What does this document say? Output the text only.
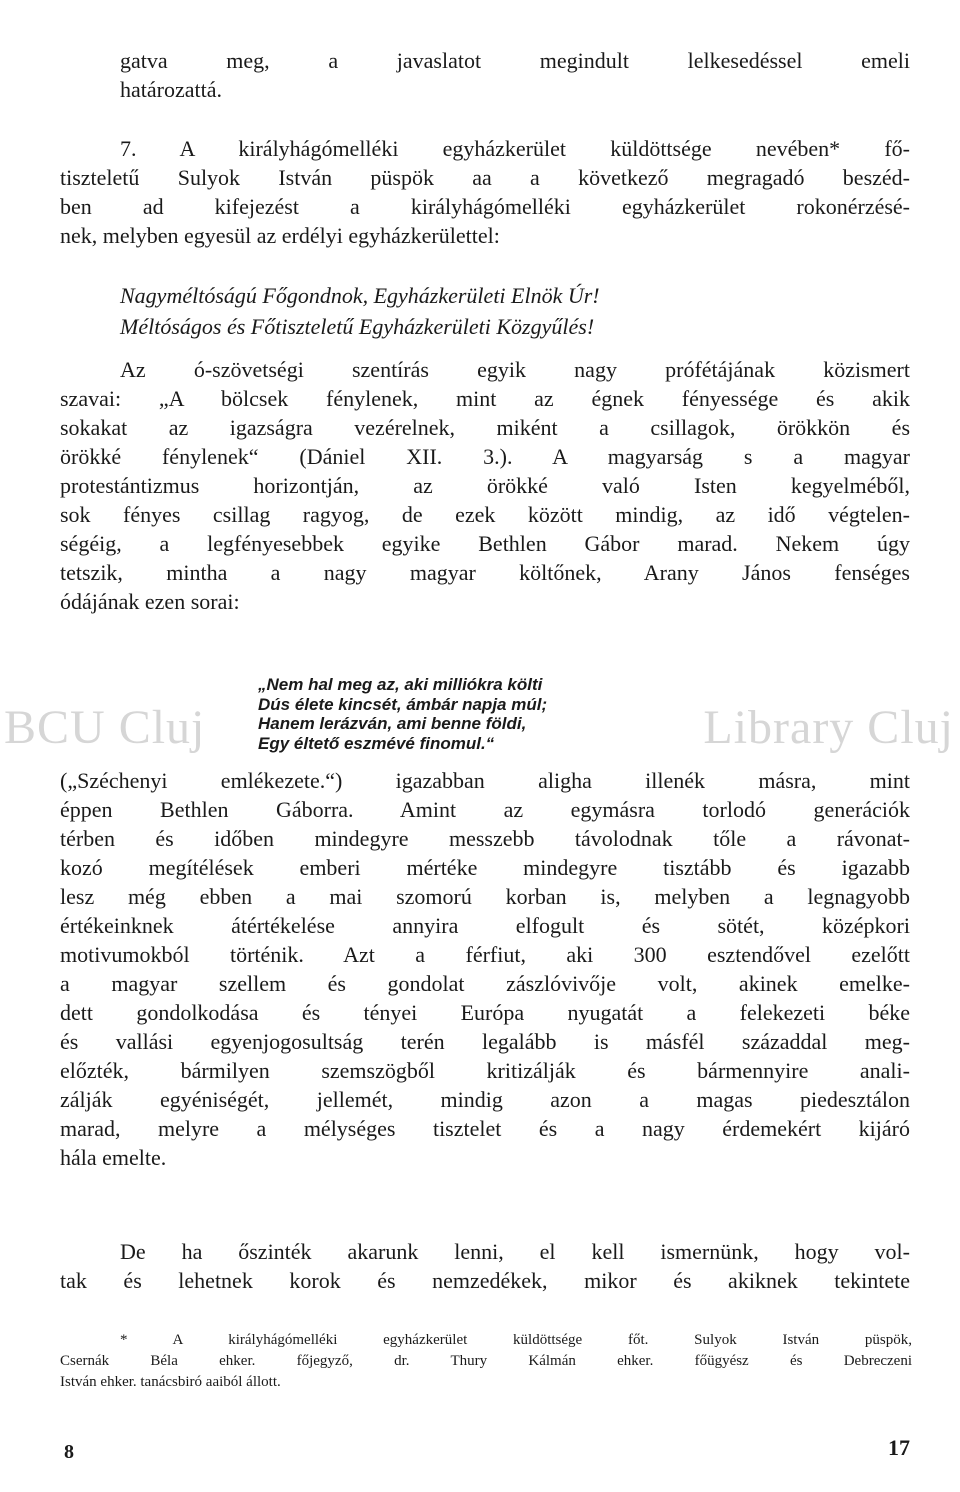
BCU Cluj	Library Cluj
gatva meg, a javaslatot megindult lelkesedéssel emeli
határozattá.
7. A királyhágómelléki egyházkerület küldöttsége nevében* fő-
tiszteletű Sulyok István püspök aa a következő megragadó beszéd-
ben ad kifejezést a királyhágómelléki egyházkerület rokonérzésé-
nek, melyben egyesül az erdélyi egyházkerülettel:
Nagyméltóságú Főgondnok, Egyházkerületi Elnök Úr!
Méltóságos és Főtiszteletű Egyházkerületi Közgyűlés!
Az ó-szövetségi szentírás egyik nagy prófétájának közismert
szavai: „A bölcsek fénylenek, mint az égnek fényessége és akik
sokakat az igazságra vezérelnek, miként a csillagok, örökkön és
örökké fénylenek“ (Dániel XII. 3.). A magyarság s a magyar
protestántizmus horizontján, az örökké való Isten kegyelméből,
sok fényes csillag ragyog, de ezek között mindig, az idő végtelen-
ségéig, a legfényesebbek egyike Bethlen Gábor marad. Nekem úgy
tetszik, mintha a nagy magyar költőnek, Arany János fenséges
ódájának ezen sorai:
„Nem hal meg az, aki milliókra költi
Dús élete kincsét, ámbár napja múl;
Hanem lerázván, ami benne földi,
Egy éltető eszmévé finomul.“
(„Széchenyi emlékezete.“) igazabban aligha illenék másra, mint
éppen Bethlen Gáborra. Amint az egymásra torlodó generációk
térben és időben mindegyre messzebb távolodnak tőle a rávonat-
kozó megítélések emberi mértéke mindegyre tisztább és igazabb
lesz még ebben a mai szomorú korban is, melyben a legnagyobb
értékeinknek átértékelése annyira elfogult és sötét, középkori
motivumokból történik. Azt a férfiut, aki 300 esztendővel ezelőtt
a magyar szellem és gondolat zászlóvivője volt, akinek emelke-
dett gondolkodása és tényei Európa nyugatát a felekezeti béke
és vallási egyenjogosultság terén legalább is másfél századdal meg-
előzték, bármilyen szemszögből kritizálják és bármennyire anali-
zálják egyéniségét, jellemét, mindig azon a magas piedesztálon
marad, melyre a mélységes tisztelet és a nagy érdemekért kijáró
hála emelte.
De ha őszinték akarunk lenni, el kell ismernünk, hogy vol-
tak és lehetnek korok és nemzedékek, mikor és akiknek tekintete
* A királyhágómelléki egyházkerület küldöttsége főt. Sulyok István püspök,
Csernák Béla ehker. főjegyző, dr. Thury Kálmán ehker. főügyész és Debreczeni
István ehker. tanácsbiró aaiból állott.
8	17
